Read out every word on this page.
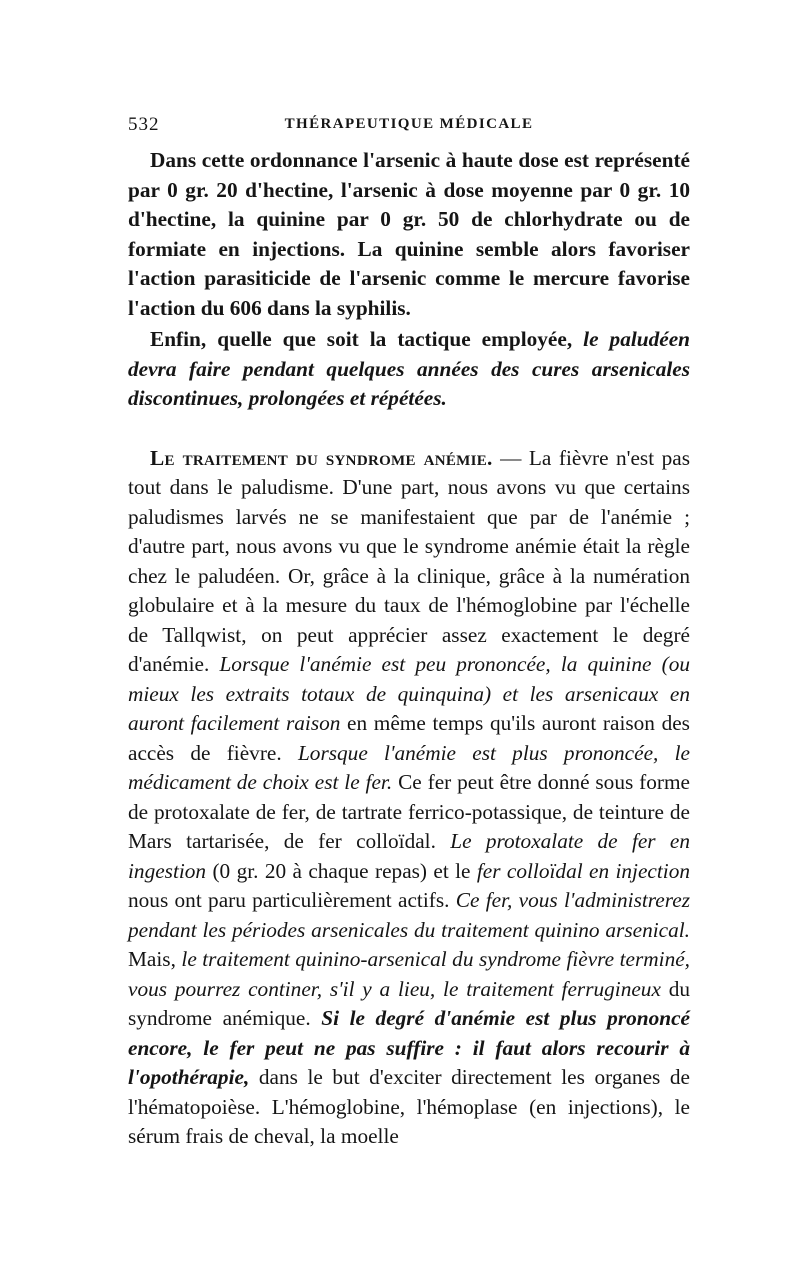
532	THÉRAPEUTIQUE MÉDICALE

Dans cette ordonnance l'arsenic à haute dose est représenté par 0 gr. 20 d'hectine, l'arsenic à dose moyenne par 0 gr. 10 d'hectine, la quinine par 0 gr. 50 de chlorhydrate ou de formiate en injections. La quinine semble alors favoriser l'action parasiticide de l'arsenic comme le mercure favorise l'action du 606 dans la syphilis.

Enfin, quelle que soit la tactique employée, le paludéen devra faire pendant quelques années des cures arsenicales discontinues, prolongées et répétées.

Le traitement du syndrome anémie. — La fièvre n'est pas tout dans le paludisme. D'une part, nous avons vu que certains paludismes larvés ne se manifestaient que par de l'anémie ; d'autre part, nous avons vu que le syndrome anémie était la règle chez le paludéen. Or, grâce à la clinique, grâce à la numération globulaire et à la mesure du taux de l'hémoglobine par l'échelle de Tallqwist, on peut apprécier assez exactement le degré d'anémie. Lorsque l'anémie est peu prononcée, la quinine (ou mieux les extraits totaux de quinquina) et les arsenicaux en auront facilement raison en même temps qu'ils auront raison des accès de fièvre. Lorsque l'anémie est plus prononcée, le médicament de choix est le fer. Ce fer peut être donné sous forme de protoxalate de fer, de tartrate ferrico-potassique, de teinture de Mars tartarisée, de fer colloïdal. Le protoxalate de fer en ingestion (0 gr. 20 à chaque repas) et le fer colloïdal en injection nous ont paru particulièrement actifs. Ce fer, vous l'administrerez pendant les périodes arsenicales du traitement quinino arsenical. Mais, le traitement quinino-arsenical du syndrome fièvre terminé, vous pourrez continer, s'il y a lieu, le traitement ferrugineux du syndrome anémique. Si le degré d'anémie est plus prononcé encore, le fer peut ne pas suffire : il faut alors recourir à l'opothérapie, dans le but d'exciter directement les organes de l'hématopoièse. L'hémoglobine, l'hémoplase (en injections), le sérum frais de cheval, la moelle
